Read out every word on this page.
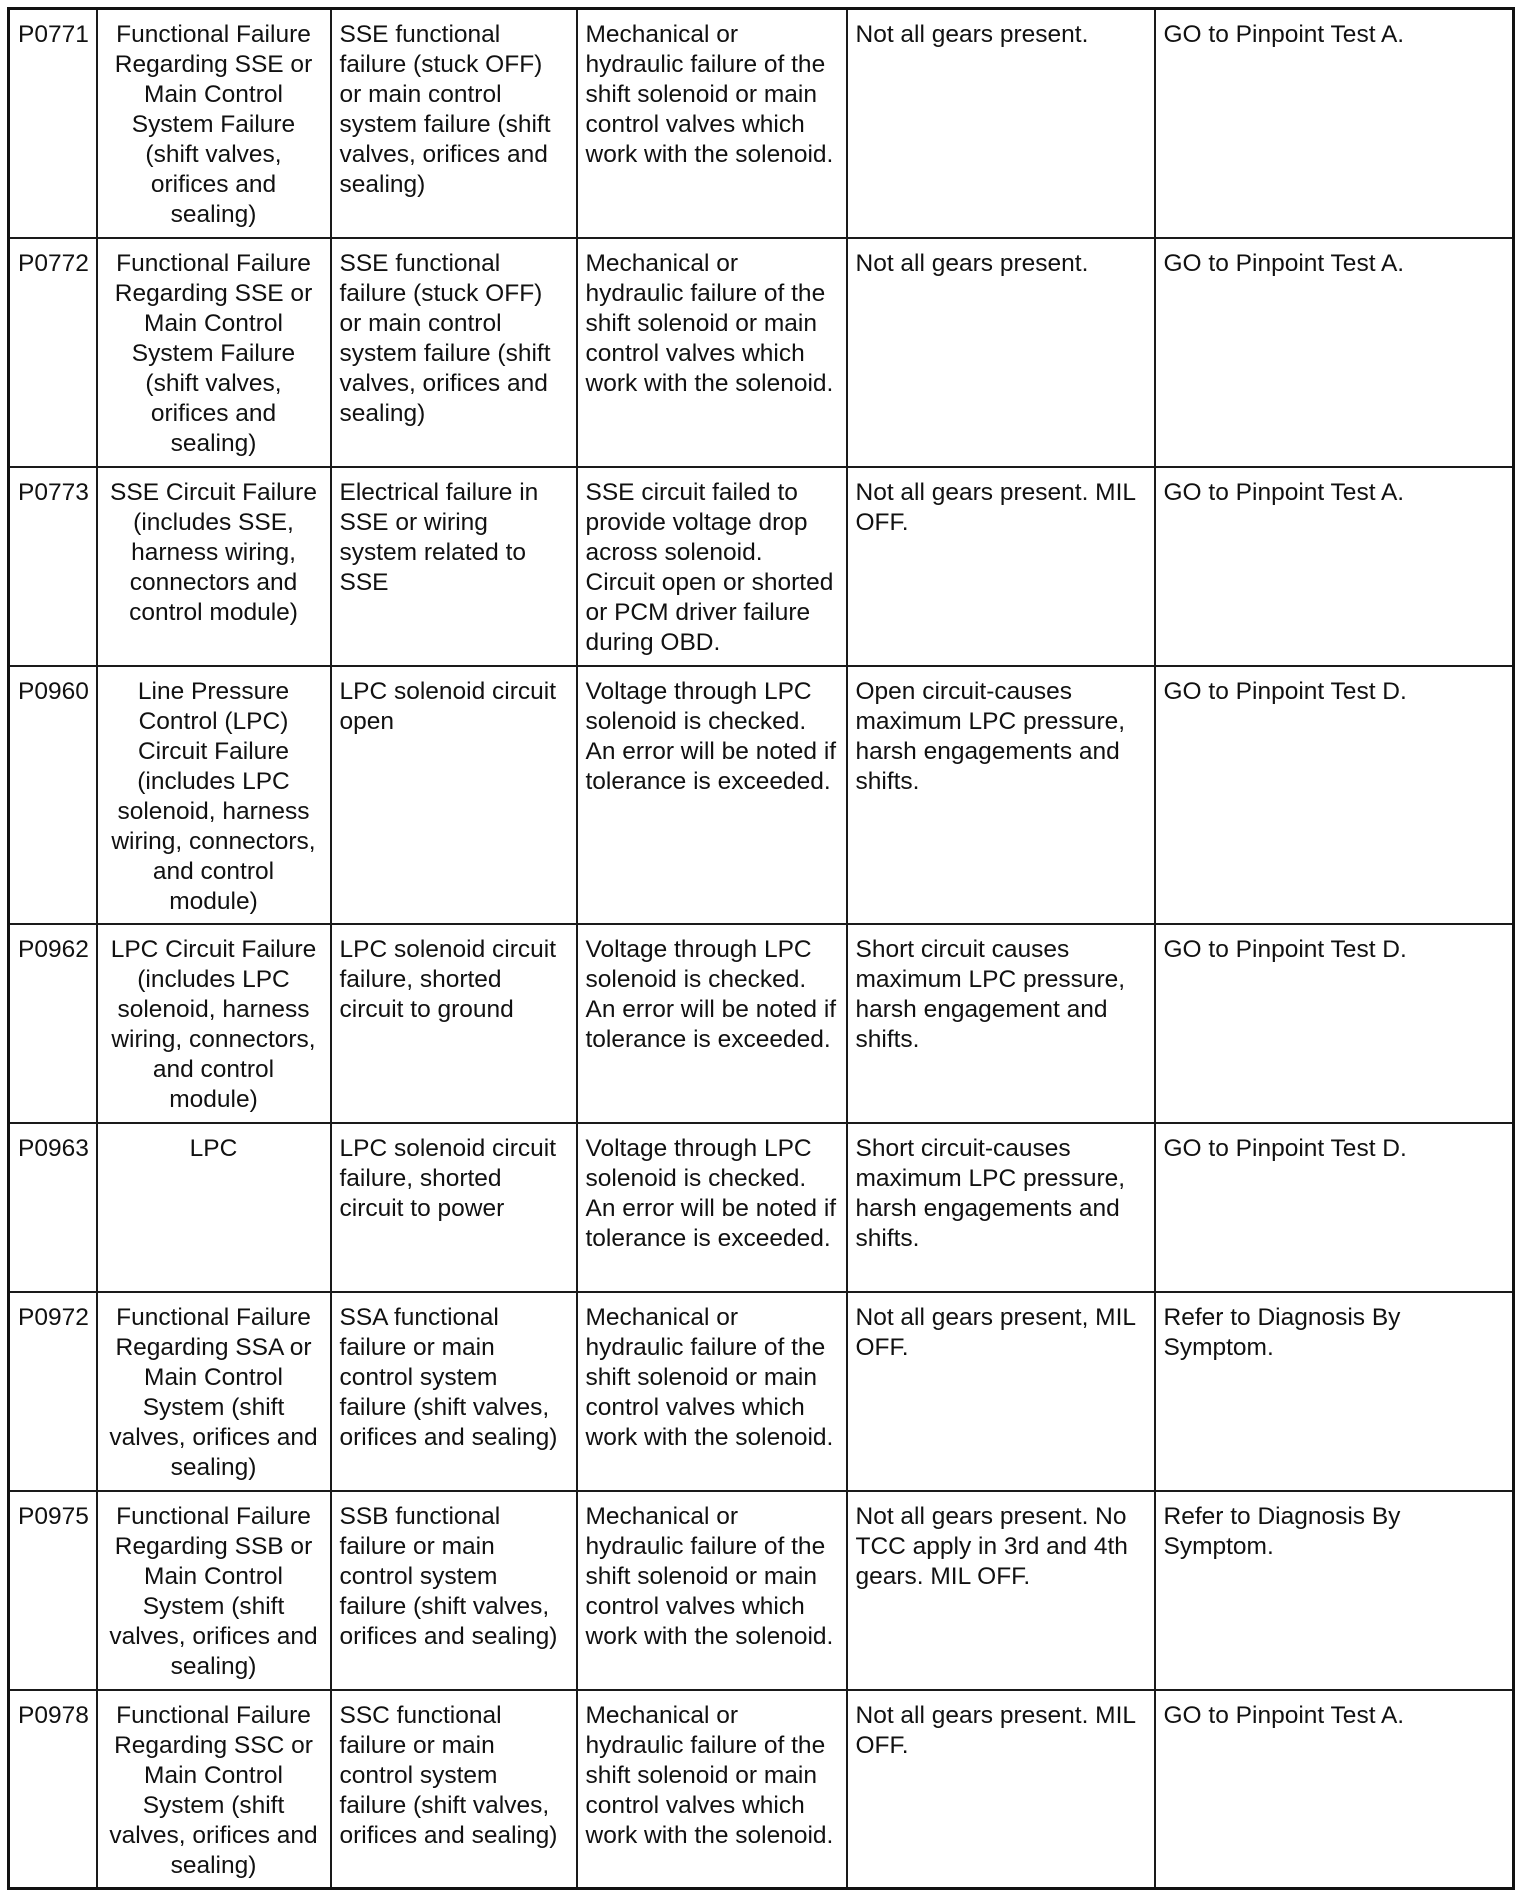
P0771	Functional Failure Regarding SSE or Main Control System Failure (shift valves, orifices and sealing)	SSE functional failure (stuck OFF) or main control system failure (shift valves, orifices and sealing)	Mechanical or hydraulic failure of the shift solenoid or main control valves which work with the solenoid.	Not all gears present.	GO to Pinpoint Test A.
P0772	Functional Failure Regarding SSE or Main Control System Failure (shift valves, orifices and sealing)	SSE functional failure (stuck OFF) or main control system failure (shift valves, orifices and sealing)	Mechanical or hydraulic failure of the shift solenoid or main control valves which work with the solenoid.	Not all gears present.	GO to Pinpoint Test A.
P0773	SSE Circuit Failure (includes SSE, harness wiring, connectors and control module)	Electrical failure in SSE or wiring system related to SSE	SSE circuit failed to provide voltage drop across solenoid. Circuit open or shorted or PCM driver failure during OBD.	Not all gears present. MIL OFF.	GO to Pinpoint Test A.
P0960	Line Pressure Control (LPC) Circuit Failure (includes LPC solenoid, harness wiring, connectors, and control module)	LPC solenoid circuit open	Voltage through LPC solenoid is checked. An error will be noted if tolerance is exceeded.	Open circuit-causes maximum LPC pressure, harsh engagements and shifts.	GO to Pinpoint Test D.
P0962	LPC Circuit Failure (includes LPC solenoid, harness wiring, connectors, and control module)	LPC solenoid circuit failure, shorted circuit to ground	Voltage through LPC solenoid is checked. An error will be noted if tolerance is exceeded.	Short circuit causes maximum LPC pressure, harsh engagement and shifts.	GO to Pinpoint Test D.
P0963	LPC	LPC solenoid circuit failure, shorted circuit to power	Voltage through LPC solenoid is checked. An error will be noted if tolerance is exceeded.	Short circuit-causes maximum LPC pressure, harsh engagements and shifts.	GO to Pinpoint Test D.
P0972	Functional Failure Regarding SSA or Main Control System (shift valves, orifices and sealing)	SSA functional failure or main control system failure (shift valves, orifices and sealing)	Mechanical or hydraulic failure of the shift solenoid or main control valves which work with the solenoid.	Not all gears present, MIL OFF.	Refer to Diagnosis By Symptom.
P0975	Functional Failure Regarding SSB or Main Control System (shift valves, orifices and sealing)	SSB functional failure or main control system failure (shift valves, orifices and sealing)	Mechanical or hydraulic failure of the shift solenoid or main control valves which work with the solenoid.	Not all gears present. No TCC apply in 3rd and 4th gears. MIL OFF.	Refer to Diagnosis By Symptom.
P0978	Functional Failure Regarding SSC or Main Control System (shift valves, orifices and sealing)	SSC functional failure or main control system failure (shift valves, orifices and sealing)	Mechanical or hydraulic failure of the shift solenoid or main control valves which work with the solenoid.	Not all gears present. MIL OFF.	GO to Pinpoint Test A.
